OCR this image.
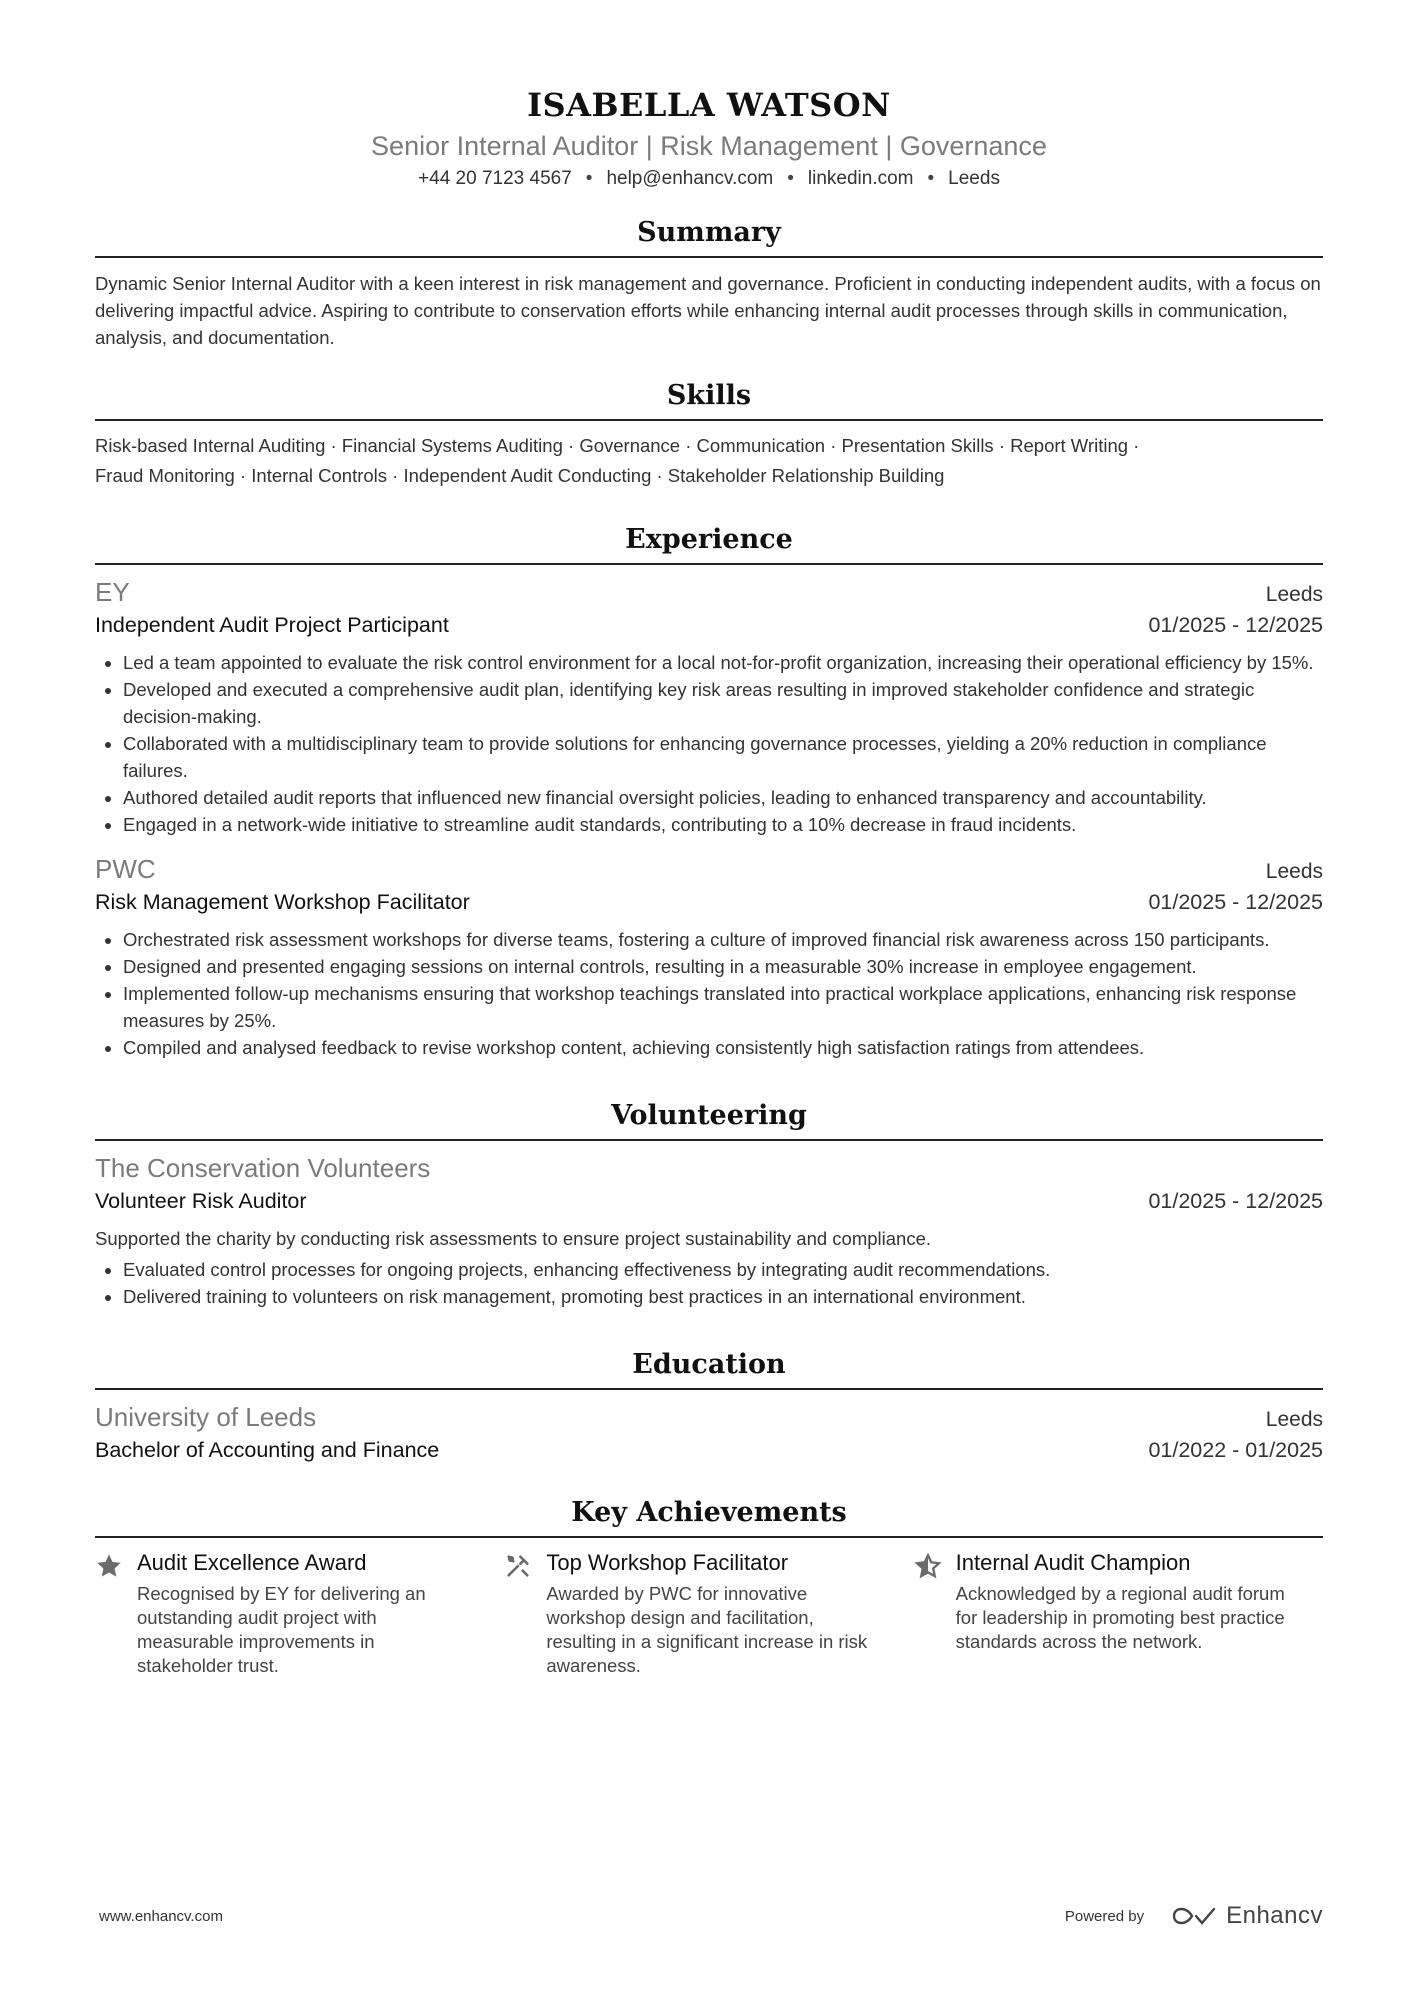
ISABELLA WATSON
Senior Internal Auditor | Risk Management | Governance
+44 20 7123 4567 • help@enhancv.com • linkedin.com • Leeds
Summary
Dynamic Senior Internal Auditor with a keen interest in risk management and governance. Proficient in conducting independent audits, with a focus on delivering impactful advice. Aspiring to contribute to conservation efforts while enhancing internal audit processes through skills in communication, analysis, and documentation.
Skills
Risk-based Internal Auditing · Financial Systems Auditing · Governance · Communication · Presentation Skills · Report Writing ·
Fraud Monitoring · Internal Controls · Independent Audit Conducting · Stakeholder Relationship Building
Experience
EY	Leeds
Independent Audit Project Participant	01/2025 - 12/2025
• Led a team appointed to evaluate the risk control environment for a local not-for-profit organization, increasing their operational efficiency by 15%.
• Developed and executed a comprehensive audit plan, identifying key risk areas resulting in improved stakeholder confidence and strategic decision-making.
• Collaborated with a multidisciplinary team to provide solutions for enhancing governance processes, yielding a 20% reduction in compliance failures.
• Authored detailed audit reports that influenced new financial oversight policies, leading to enhanced transparency and accountability.
• Engaged in a network-wide initiative to streamline audit standards, contributing to a 10% decrease in fraud incidents.
PWC	Leeds
Risk Management Workshop Facilitator	01/2025 - 12/2025
• Orchestrated risk assessment workshops for diverse teams, fostering a culture of improved financial risk awareness across 150 participants.
• Designed and presented engaging sessions on internal controls, resulting in a measurable 30% increase in employee engagement.
• Implemented follow-up mechanisms ensuring that workshop teachings translated into practical workplace applications, enhancing risk response measures by 25%.
• Compiled and analysed feedback to revise workshop content, achieving consistently high satisfaction ratings from attendees.
Volunteering
The Conservation Volunteers
Volunteer Risk Auditor	01/2025 - 12/2025
Supported the charity by conducting risk assessments to ensure project sustainability and compliance.
• Evaluated control processes for ongoing projects, enhancing effectiveness by integrating audit recommendations.
• Delivered training to volunteers on risk management, promoting best practices in an international environment.
Education
University of Leeds	Leeds
Bachelor of Accounting and Finance	01/2022 - 01/2025
Key Achievements
Audit Excellence Award
Recognised by EY for delivering an outstanding audit project with measurable improvements in stakeholder trust.
Top Workshop Facilitator
Awarded by PWC for innovative workshop design and facilitation, resulting in a significant increase in risk awareness.
Internal Audit Champion
Acknowledged by a regional audit forum for leadership in promoting best practice standards across the network.
www.enhancv.com	Powered by	Enhancv
